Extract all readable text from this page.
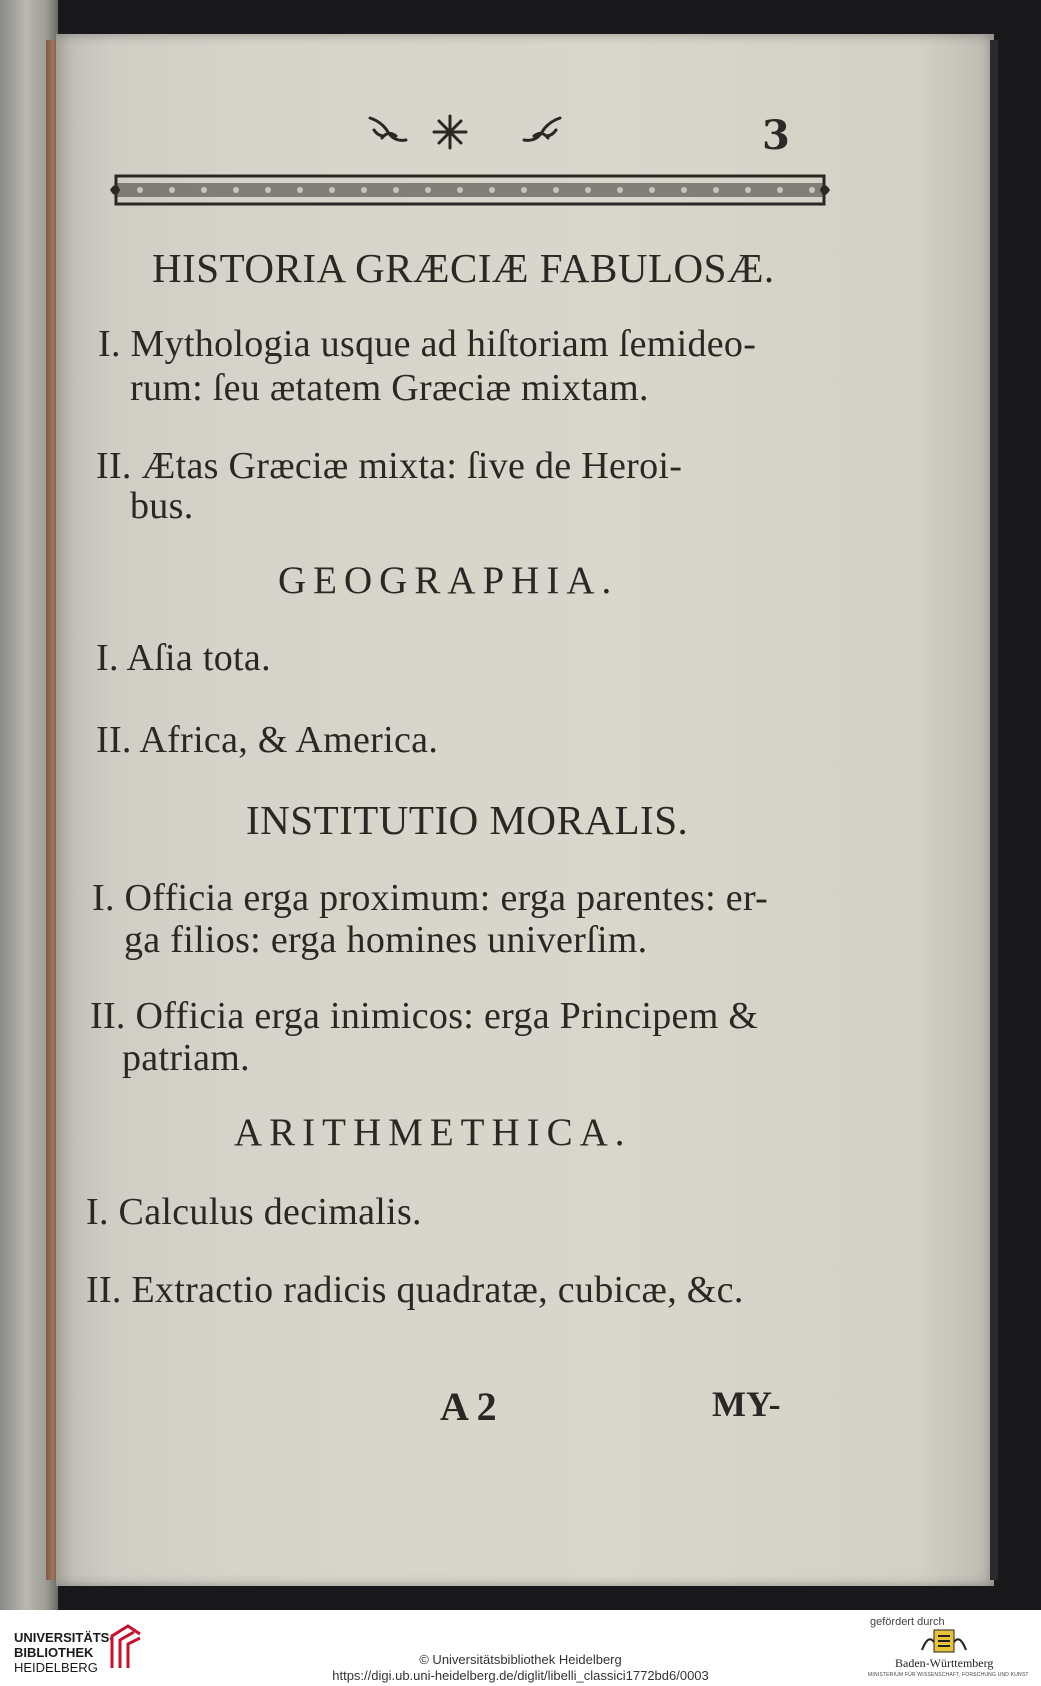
3
HISTORIA GRÆCIÆ FABULOSÆ.
I. Mythologia usque ad hiſtoriam ſemideo-
rum: ſeu ætatem Græciæ mixtam.
II. Ætas Græciæ mixta: ſive de Heroi-
bus.
GEOGRAPHIA.
I. Aſia tota.
II. Africa, & America.
INSTITUTIO MORALIS.
I. Officia erga proximum: erga parentes: er-
ga filios: erga homines univerſim.
II. Officia erga inimicos: erga Principem &
patriam.
ARITHMETHICA.
I. Calculus decimalis.
II. Extractio radicis quadratæ, cubicæ, &c.
A 2	MY-
UNIVERSITÄTS-
BIBLIOTHEK
HEIDELBERG
© Universitätsbibliothek Heidelberg
https://digi.ub.uni-heidelberg.de/diglit/libelli_classici1772bd6/0003
gefördert durch
Baden-Württemberg
MINISTERIUM FÜR WISSENSCHAFT, FORSCHUNG UND KUNST
